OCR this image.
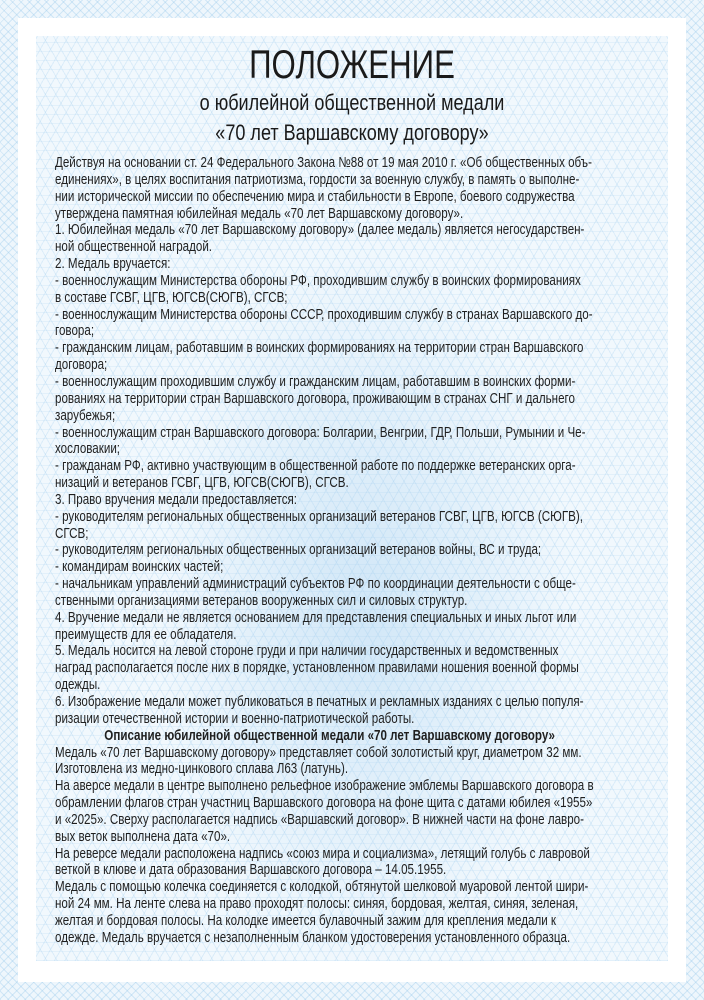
ПОЛОЖЕНИЕ
о юбилейной общественной медали
«70 лет Варшавскому договору»
Действуя на основании ст. 24 Федерального Закона №88 от 19 мая 2010 г. «Об общественных объ-
единениях», в целях воспитания патриотизма, гордости за военную службу, в память о выполне-
нии исторической миссии по обеспечению мира и стабильности в Европе, боевого содружества
утверждена памятная юбилейная медаль «70 лет Варшавскому договору».
1. Юбилейная медаль «70 лет Варшавскому договору» (далее медаль) является негосударствен-
ной общественной наградой.
2. Медаль вручается:
- военнослужащим Министерства обороны РФ, проходившим службу в воинских формированиях
в составе ГСВГ, ЦГВ, ЮГСВ(СЮГВ), СГСВ;
- военнослужащим Министерства обороны СССР, проходившим службу в странах Варшавского до-
говора;
- гражданским лицам, работавшим в воинских формированиях на территории стран Варшавского
договора;
- военнослужащим проходившим службу и гражданским лицам, работавшим в воинских форми-
рованиях на территории стран Варшавского договора, проживающим в странах СНГ и дальнего
зарубежья;
- военнослужащим стран Варшавского договора: Болгарии, Венгрии, ГДР, Польши, Румынии и Че-
хословакии;
- гражданам РФ, активно участвующим в общественной работе по поддержке ветеранских орга-
низаций и ветеранов ГСВГ, ЦГВ, ЮГСВ(СЮГВ), СГСВ.
3. Право вручения медали предоставляется:
- руководителям региональных общественных организаций ветеранов ГСВГ, ЦГВ, ЮГСВ (СЮГВ),
СГСВ;
- руководителям региональных общественных организаций ветеранов войны, ВС и труда;
- командирам воинских частей;
- начальникам управлений администраций субъектов РФ по координации деятельности с обще-
ственными организациями ветеранов вооруженных сил и силовых структур.
4. Вручение медали не является основанием для представления специальных и иных льгот или
преимуществ для ее обладателя.
5. Медаль носится на левой стороне груди и при наличии государственных и ведомственных
наград располагается после них в порядке, установленном правилами ношения военной формы
одежды.
6. Изображение медали может публиковаться в печатных и рекламных изданиях с целью популя-
ризации отечественной истории и военно-патриотической работы.
Описание юбилейной общественной медали «70 лет Варшавскому договору»
Медаль «70 лет Варшавскому договору» представляет собой золотистый круг, диаметром 32 мм.
Изготовлена из медно-цинкового сплава Л63 (латунь).
На аверсе медали в центре выполнено рельефное изображение эмблемы Варшавского договора в
обрамлении флагов стран участниц Варшавского договора на фоне щита с датами юбилея «1955»
и «2025». Сверху располагается надпись «Варшавский договор». В нижней части на фоне лавро-
вых веток выполнена дата «70».
На реверсе медали расположена надпись «союз мира и социализма», летящий голубь с лавровой
веткой в клюве и дата образования Варшавского договора – 14.05.1955.
Медаль с помощью колечка соединяется с колодкой, обтянутой шелковой муаровой лентой шири-
ной 24 мм. На ленте слева на право проходят полосы: синяя, бордовая, желтая, синяя, зеленая,
желтая и бордовая полосы. На колодке имеется булавочный зажим для крепления медали к
одежде. Медаль вручается с незаполненным бланком удостоверения установленного образца.
